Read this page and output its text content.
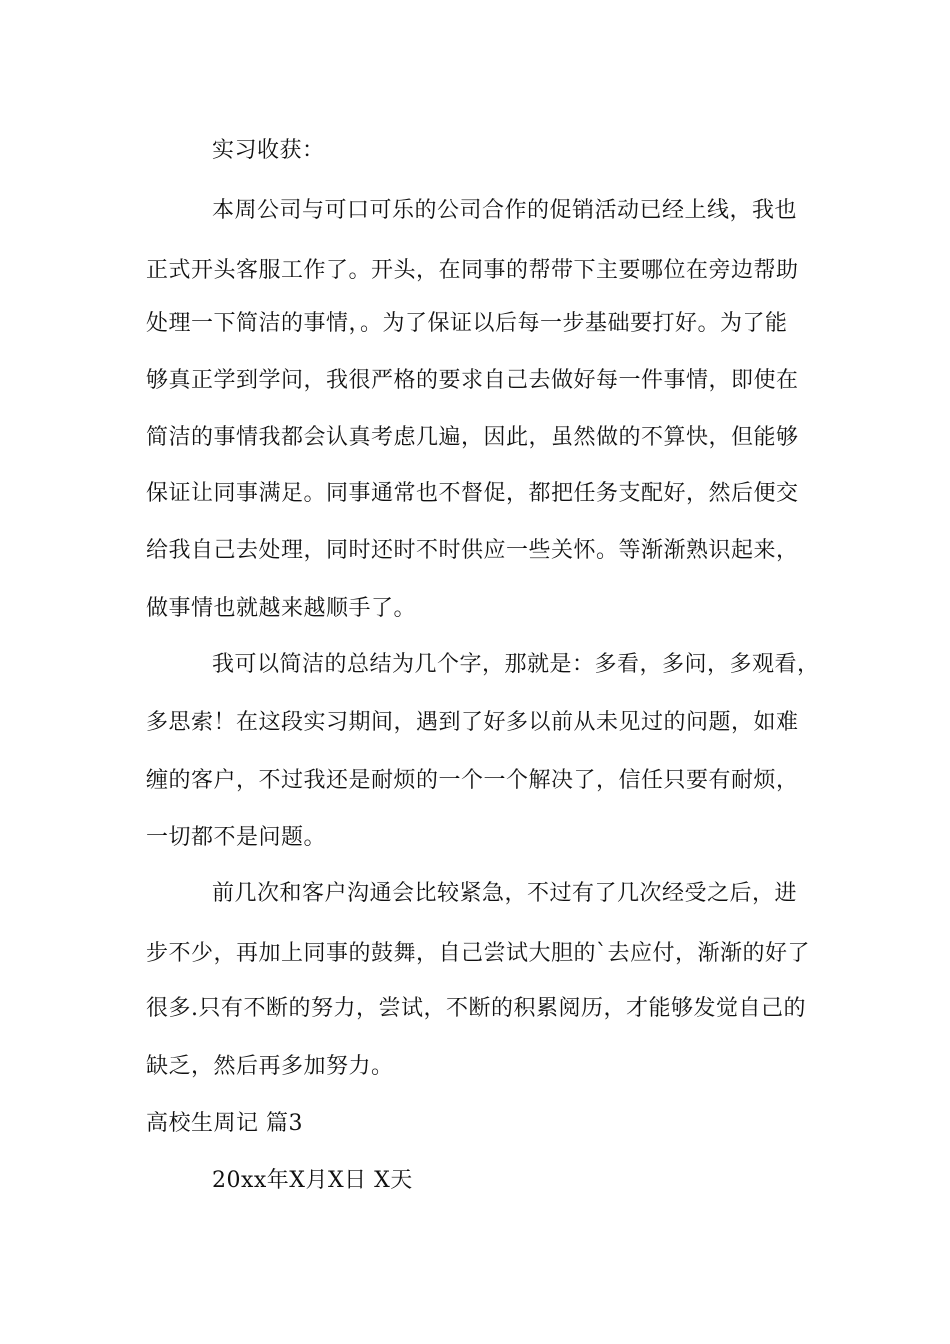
实习收获：
本周公司与可口可乐的公司合作的促销活动已经上线，我也
正式开头客服工作了。开头，在同事的帮带下主要哪位在旁边帮助
处理一下简洁的事情，。为了保证以后每一步基础要打好。为了能
够真正学到学问，我很严格的要求自己去做好每一件事情，即使在
简洁的事情我都会认真考虑几遍，因此，虽然做的不算快，但能够
保证让同事满足。同事通常也不督促，都把任务支配好，然后便交
给我自己去处理，同时还时不时供应一些关怀。等渐渐熟识起来，
做事情也就越来越顺手了。
我可以简洁的总结为几个字，那就是：多看，多问，多观看，
多思索！在这段实习期间，遇到了好多以前从未见过的问题，如难
缠的客户，不过我还是耐烦的一个一个解决了，信任只要有耐烦，
一切都不是问题。
前几次和客户沟通会比较紧急，不过有了几次经受之后，进
步不少，再加上同事的鼓舞，自己尝试大胆的`去应付，渐渐的好了
很多.只有不断的努力，尝试，不断的积累阅历，才能够发觉自己的
缺乏，然后再多加努力。
高校生周记 篇3
20xx年X月X日 X天
